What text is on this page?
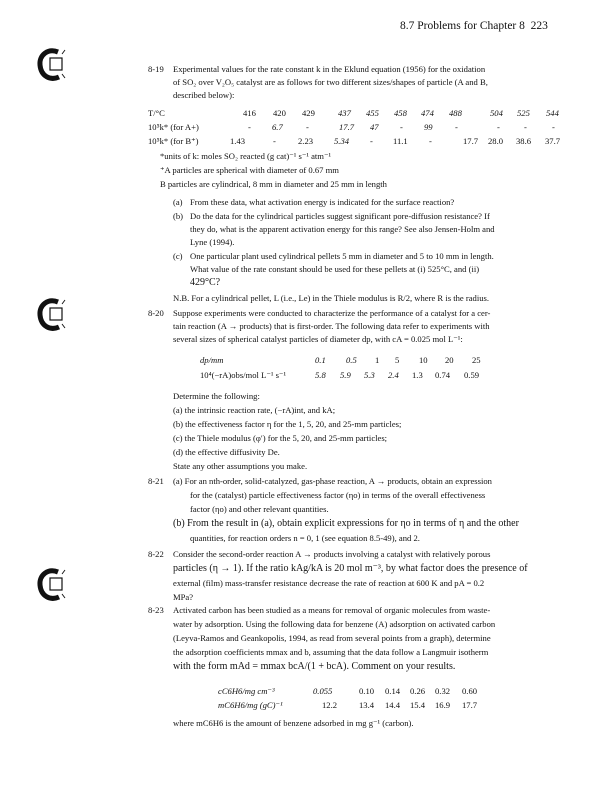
8.7 Problems for Chapter 8 223
8-19 Experimental values for the rate constant k in the Eklund equation (1956) for the oxidation
of SO₂ over V₂O₅ catalyst are as follows for two different sizes/shapes of particle (A and B,
described below):
T/°C	416 420 429	437 455 458 474 488	504 525 544
10⁵k* (for A+)	- 6.7	-	17.7 47 - 99	-	-	-	-
10⁵k* (for B⁺)	1.43	-	2.23 5.34 - 11.1 -	17.7 28.0 38.6 37.7
*units of k: moles SO₂ reacted (g cat)⁻¹ s⁻¹ atm⁻¹
⁺A particles are spherical with diameter of 0.67 mm
B particles are cylindrical, 8 mm in diameter and 25 mm in length
(a) From these data, what activation energy is indicated for the surface reaction?
(b) Do the data for the cylindrical particles suggest significant pore-diffusion resistance? If
they do, what is the apparent activation energy for this range? See also Jensen-Holm and
Lyne (1994).
(c) One particular plant used cylindrical pellets 5 mm in diameter and 5 to 10 mm in length.
What value of the rate constant should be used for these pellets at (i) 525°C, and (ii)
429°C?
N.B. For a cylindrical pellet, L (i.e., Le) in the Thiele modulus is R/2, where R is the radius.
8-20 Suppose experiments were conducted to characterize the performance of a catalyst for a cer-
tain reaction (A → products) that is first-order. The following data refer to experiments with
several sizes of spherical catalyst particles of diameter dp, with cA = 0.025 mol L⁻¹:
dp/mm	0.1 0.5 1 5 10 20 25
10⁴(−rA)obs/mol L⁻¹ s⁻¹	5.8 5.9 5.3 2.4 1.3 0.74 0.59
Determine the following:
(a) the intrinsic reaction rate, (−rA)int, and kA;
(b) the effectiveness factor η for the 1, 5, 20, and 25-mm particles;
(c) the Thiele modulus (φ′) for the 5, 20, and 25-mm particles;
(d) the effective diffusivity De.
State any other assumptions you make.
8-21 (a) For an nth-order, solid-catalyzed, gas-phase reaction, A → products, obtain an expression
for the (catalyst) particle effectiveness factor (ηo) in terms of the overall effectiveness
factor (ηo) and other relevant quantities.
(b) From the result in (a), obtain explicit expressions for ηo in terms of η and the other
quantities, for reaction orders n = 0, 1 (see equation 8.5-49), and 2.
8-22 Consider the second-order reaction A → products involving a catalyst with relatively porous
particles (η → 1). If the ratio kAg/kA is 20 mol m⁻³, by what factor does the presence of
external (film) mass-transfer resistance decrease the rate of reaction at 600 K and pA = 0.2
MPa?
8-23 Activated carbon has been studied as a means for removal of organic molecules from waste-
water by adsorption. Using the following data for benzene (A) adsorption on activated carbon
(Leyva-Ramos and Geankopolis, 1994, as read from several points from a graph), determine
the adsorption coefficients mmax and b, assuming that the data follow a Langmuir isotherm
with the form mAd = mmax bcA/(1 + bcA). Comment on your results.
cC6H6/mg cm⁻³	0.055	0.10 0.14 0.26 0.32 0.60
mC6H6/mg (gC)⁻¹	12.2	13.4 14.4 15.4 16.9 17.7
where mC6H6 is the amount of benzene adsorbed in mg g⁻¹ (carbon).
